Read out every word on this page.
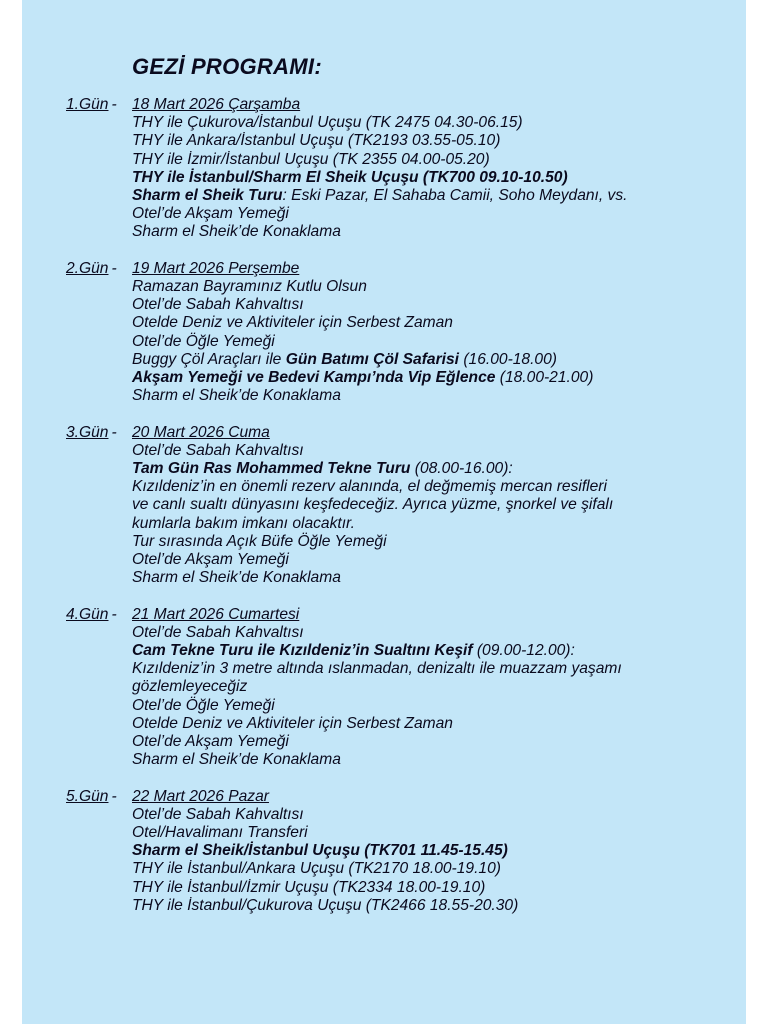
GEZİ PROGRAMI:
1.Gün - 18 Mart 2026 Çarşamba
THY ile Çukurova/İstanbul Uçuşu (TK 2475 04.30-06.15)
THY ile Ankara/İstanbul Uçuşu (TK2193 03.55-05.10)
THY ile İzmir/İstanbul Uçuşu (TK 2355 04.00-05.20)
THY ile İstanbul/Sharm El Sheik Uçuşu (TK700 09.10-10.50)
Sharm el Sheik Turu: Eski Pazar, El Sahaba Camii, Soho Meydanı, vs.
Otel’de Akşam Yemeği
Sharm el Sheik’de Konaklama
2.Gün - 19 Mart 2026 Perşembe
Ramazan Bayramınız Kutlu Olsun
Otel’de Sabah Kahvaltısı
Otelde Deniz ve Aktiviteler için Serbest Zaman
Otel’de Öğle Yemeği
Buggy Çöl Araçları ile Gün Batımı Çöl Safarisi (16.00-18.00)
Akşam Yemeği ve Bedevi Kampı’nda Vip Eğlence (18.00-21.00)
Sharm el Sheik’de Konaklama
3.Gün - 20 Mart 2026 Cuma
Otel’de Sabah Kahvaltısı
Tam Gün Ras Mohammed Tekne Turu (08.00-16.00):
Kızıldeniz’in en önemli rezerv alanında, el değmemiş mercan resifleri
ve canlı sualtı dünyasını keşfedeceğiz. Ayrıca yüzme, şnorkel ve şifalı
kumlarla bakım imkanı olacaktır.
Tur sırasında Açık Büfe Öğle Yemeği
Otel’de Akşam Yemeği
Sharm el Sheik’de Konaklama
4.Gün - 21 Mart 2026 Cumartesi
Otel’de Sabah Kahvaltısı
Cam Tekne Turu ile Kızıldeniz’in Sualtını Keşif (09.00-12.00):
Kızıldeniz’in 3 metre altında ıslanmadan, denizaltı ile muazzam yaşamı
gözlemleyeceğiz
Otel’de Öğle Yemeği
Otelde Deniz ve Aktiviteler için Serbest Zaman
Otel’de Akşam Yemeği
Sharm el Sheik’de Konaklama
5.Gün - 22 Mart 2026 Pazar
Otel’de Sabah Kahvaltısı
Otel/Havalimanı Transferi
Sharm el Sheik/İstanbul Uçuşu (TK701 11.45-15.45)
THY ile İstanbul/Ankara Uçuşu (TK2170 18.00-19.10)
THY ile İstanbul/İzmir Uçuşu (TK2334 18.00-19.10)
THY ile İstanbul/Çukurova Uçuşu (TK2466 18.55-20.30)
